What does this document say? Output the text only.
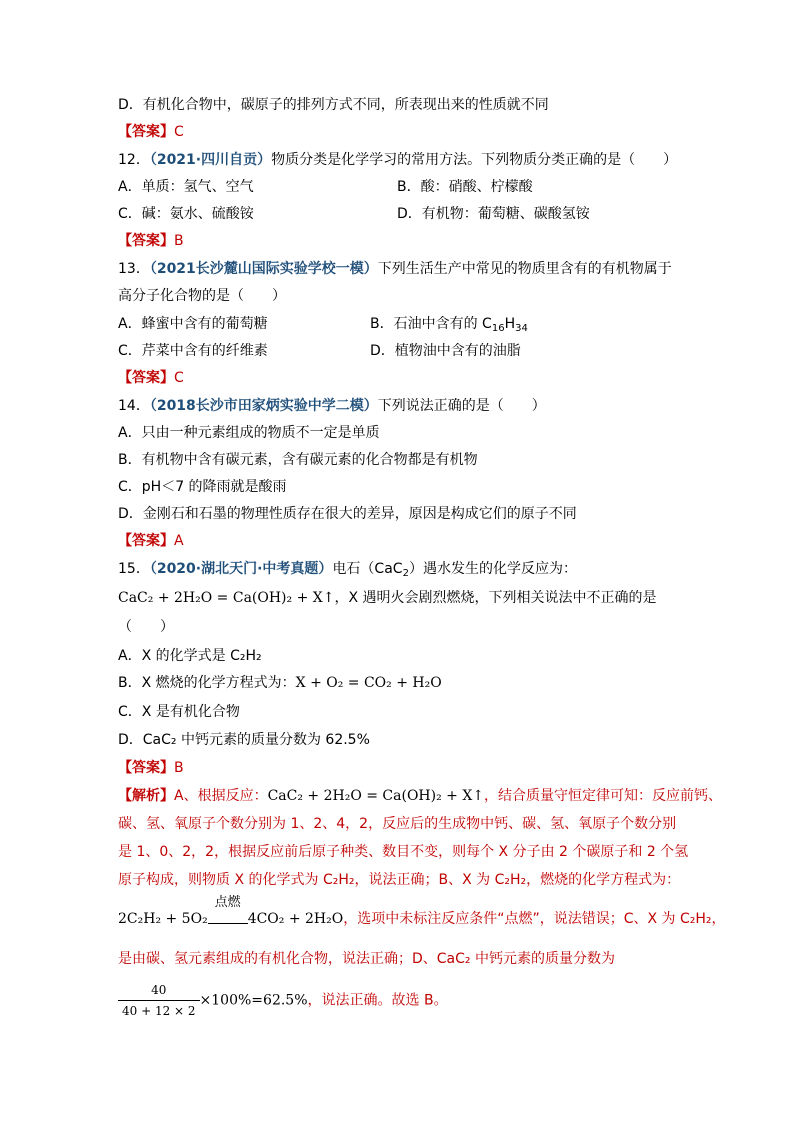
D．有机化合物中，碳原子的排列方式不同，所表现出来的性质就不同
【答案】C
12．（2021·四川自贡）物质分类是化学学习的常用方法。下列物质分类正确的是（　　）
A．单质：氢气、空气	B．酸：硝酸、柠檬酸
C．碱：氨水、硫酸铵	D．有机物：葡萄糖、碳酸氢铵
【答案】B
13．（2021长沙麓山国际实验学校一模）下列生活生产中常见的物质里含有的有机物属于
高分子化合物的是（　　）
A．蜂蜜中含有的葡萄糖	B．石油中含有的 $C_{16}H_{34}$
C．芹菜中含有的纤维素	D．植物油中含有的油脂
【答案】C
14．（2018长沙市田家炳实验中学二模）下列说法正确的是（　　）
A．只由一种元素组成的物质不一定是单质
B．有机物中含有碳元素，含有碳元素的化合物都是有机物
C．pH＜7 的降雨就是酸雨
D．金刚石和石墨的物理性质存在很大的差异，原因是构成它们的原子不同
【答案】A
15．（2020·湖北天门·中考真题）电石（CaC$_2$）遇水发生的化学反应为：
CaC₂ + 2H₂O = Ca(OH)₂ + X↑，X 遇明火会剧烈燃烧，下列相关说法中不正确的是
（　　）
A．X 的化学式是 C₂H₂
B．X 燃烧的化学方程式为：X + O₂ = CO₂ + H₂O
C．X 是有机化合物
D．CaC₂ 中钙元素的质量分数为 62.5%
【答案】B
【解析】A、根据反应：CaC₂ + 2H₂O = Ca(OH)₂ + X↑，结合质量守恒定律可知：反应前钙、
碳、氢、氧原子个数分别为 1、2、4，2，反应后的生成物中钙、碳、氢、氧原子个数分别
是 1、0、2，2，根据反应前后原子种类、数目不变，则每个 X 分子由 2 个碳原子和 2 个氢
原子构成，则物质 X 的化学式为 C₂H₂，说法正确；B、X 为 C₂H₂，燃烧的化学方程式为：
2C₂H₂ + 5O₂
点燃
4CO₂ + 2H₂O，选项中未标注反应条件“点燃”，说法错误；C、X 为 C₂H₂，
是由碳、氢元素组成的有机化合物，说法正确；D、CaC₂ 中钙元素的质量分数为
$\frac{40}{40 + 12 \times 2} \times 100\%=62.5\%$，说法正确。故选 B。
